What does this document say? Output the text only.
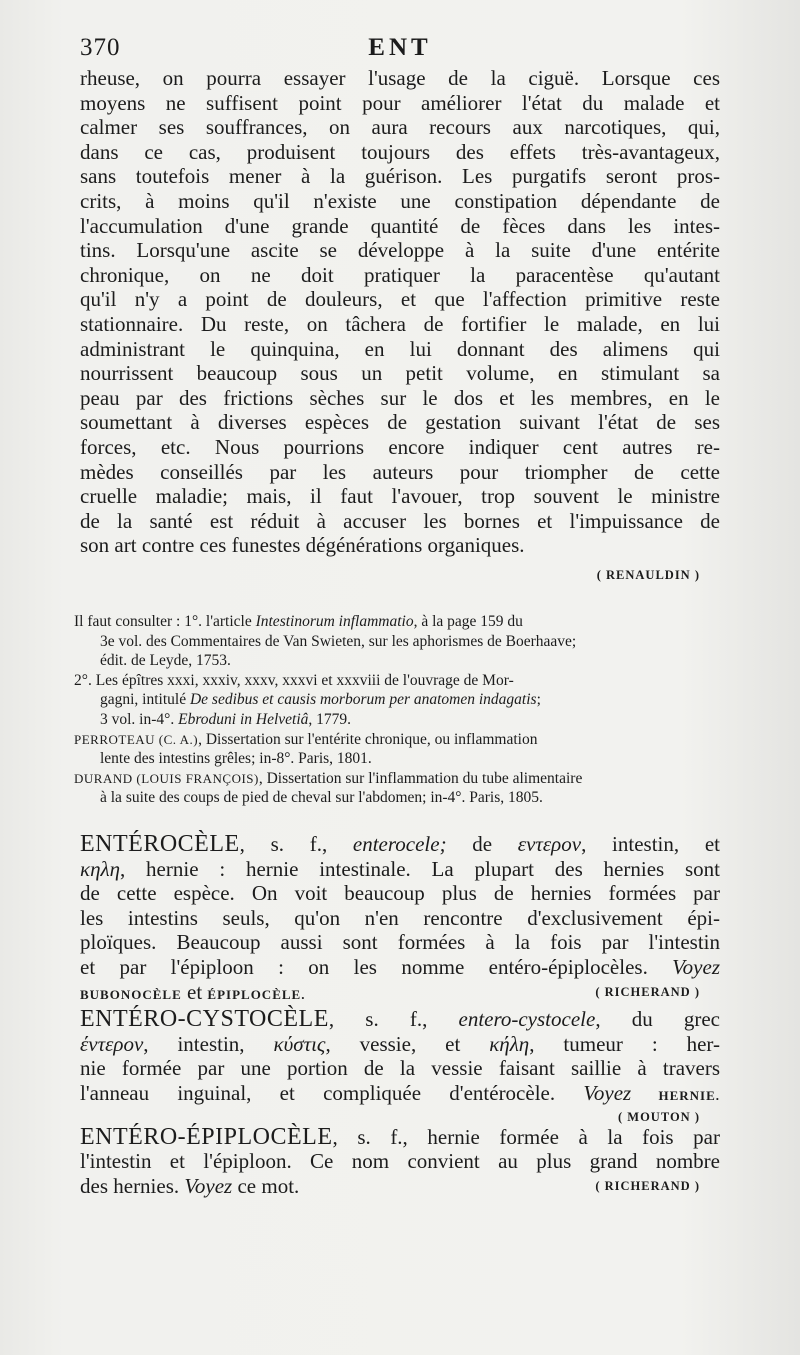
370	ENT
rheuse, on pourra essayer l'usage de la ciguë. Lorsque ces
moyens ne suffisent point pour améliorer l'état du malade et
calmer ses souffrances, on aura recours aux narcotiques, qui,
dans ce cas, produisent toujours des effets très-avantageux,
sans toutefois mener à la guérison. Les purgatifs seront pros-
crits, à moins qu'il n'existe une constipation dépendante de
l'accumulation d'une grande quantité de fèces dans les intes-
tins. Lorsqu'une ascite se développe à la suite d'une entérite
chronique, on ne doit pratiquer la paracentèse qu'autant
qu'il n'y a point de douleurs, et que l'affection primitive reste
stationnaire. Du reste, on tâchera de fortifier le malade, en lui
administrant le quinquina, en lui donnant des alimens qui
nourrissent beaucoup sous un petit volume, en stimulant sa
peau par des frictions sèches sur le dos et les membres, en le
soumettant à diverses espèces de gestation suivant l'état de ses
forces, etc. Nous pourrions encore indiquer cent autres re-
mèdes conseillés par les auteurs pour triompher de cette
cruelle maladie; mais, il faut l'avouer, trop souvent le ministre
de la santé est réduit à accuser les bornes et l'impuissance de
son art contre ces funestes dégénérations organiques.
( RENAULDIN )
Il faut consulter : 1°. l'article Intestinorum inflammatio, à la page 159 du
3e vol. des Commentaires de Van Swieten, sur les aphorismes de Boerhaave;
édit. de Leyde, 1753.
2°. Les épîtres xxxi, xxxiv, xxxv, xxxvi et xxxviii de l'ouvrage de Mor-
gagni, intitulé De sedibus et causis morborum per anatomen indagatis;
3 vol. in-4°. Ebroduni in Helvetiâ, 1779.
PERROTEAU (C. A.), Dissertation sur l'entérite chronique, ou inflammation
lente des intestins grêles; in-8°. Paris, 1801.
DURAND (LOUIS FRANÇOIS), Dissertation sur l'inflammation du tube alimentaire
à la suite des coups de pied de cheval sur l'abdomen; in-4°. Paris, 1805.
ENTÉROCÈLE, s. f., enterocele; de εντερον, intestin, et
κηλη, hernie : hernie intestinale. La plupart des hernies sont
de cette espèce. On voit beaucoup plus de hernies formées par
les intestins seuls, qu'on n'en rencontre d'exclusivement épi-
ploïques. Beaucoup aussi sont formées à la fois par l'intestin
et par l'épiploon : on les nomme entéro-épiplocèles. Voyez
BUBONOCÈLE et ÉPIPLOCÈLE.	( RICHERAND )
ENTÉRO-CYSTOCÈLE, s. f., entero-cystocele, du grec
έντερον, intestin, κύστις, vessie, et κήλη, tumeur : her-
nie formée par une portion de la vessie faisant saillie à travers
l'anneau inguinal, et compliquée d'entérocèle. Voyez HERNIE.
( MOUTON )
ENTÉRO-ÉPIPLOCÈLE, s. f., hernie formée à la fois par
l'intestin et l'épiploon. Ce nom convient au plus grand nombre
des hernies. Voyez ce mot.	( RICHERAND )
